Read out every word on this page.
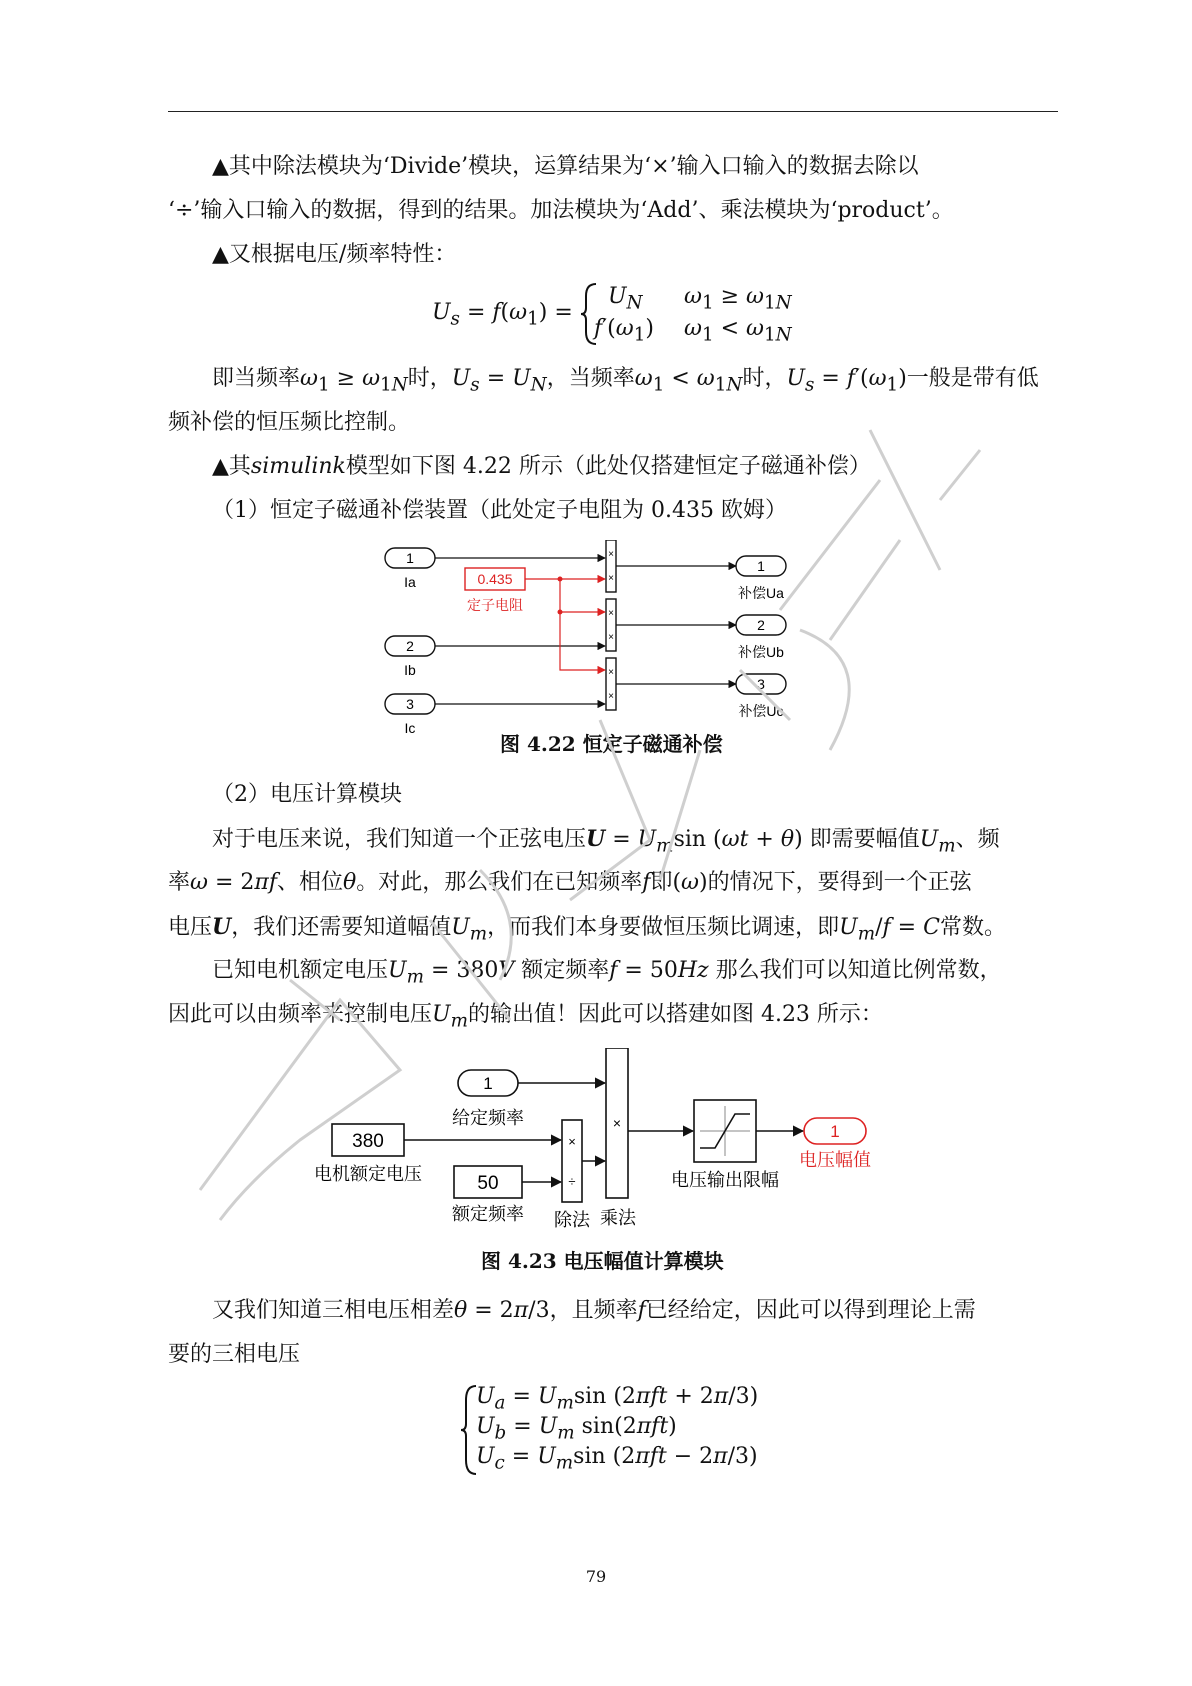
▲其中除法模块为‘Divide’模块，运算结果为‘×’输入口输入的数据去除以
‘÷’输入口输入的数据，得到的结果。加法模块为‘Add’、乘法模块为‘product’。
▲又根据电压/频率特性：
$U_s = f(\omega_1)$ =
$U_N$ $\omega_1 \ge \omega_{1N}$
$f'(\omega_1) \omega_1 < \omega_{1N}$
即当频率$\omega_1 \ge \omega_{1N}$时，$U_s = U_N$，当频率$\omega_1 < \omega_{1N}$时，$U_s = f'(\omega_1)$一般是带有低
频补偿的恒压频比控制。
▲其simulink模型如下图 4.22 所示（此处仅搭建恒定子磁通补偿）
（1）恒定子磁通补偿装置（此处定子电阻为 0.435 欧姆）
1
Ia
2
Ib
3
Ic
0.435
定子电阻
×
×
×
×
×
×
1
补偿Ua
2
补偿Ub
3
补偿Uc
图 4.22 恒定子磁通补偿
（2）电压计算模块
对于电压来说，我们知道一个正弦电压$U = U_m\sin$ (ωt + θ) 即需要幅值$U_m$、频
率ω = 2πf、相位θ。对此，那么我们在已知频率f即(ω)的情况下，要得到一个正弦
电压U，我们还需要知道幅值$U_m$，而我们本身要做恒压频比调速，即$U_m/f = C$常数。
已知电机额定电压$U_m = 380V$ 额定频率f = 50Hz 那么我们可以知道比例常数，
因此可以由频率来控制电压$U_m$的输出值！因此可以搭建如图 4.23 所示：
1
给定频率
380
电机额定电压	50
额定频率
×
÷
除法
×
乘法
电压输出限幅
1
电压幅值
图 4.23 电压幅值计算模块
又我们知道三相电压相差θ = 2π/3，且频率f已经给定，因此可以得到理论上需
要的三相电压
$U_a = U_m\sin$ (2πft + 2π/3)
$U_b = U_m$ sin(2πft)
$U_c = U_m\sin$ (2πft − 2π/3)
79
